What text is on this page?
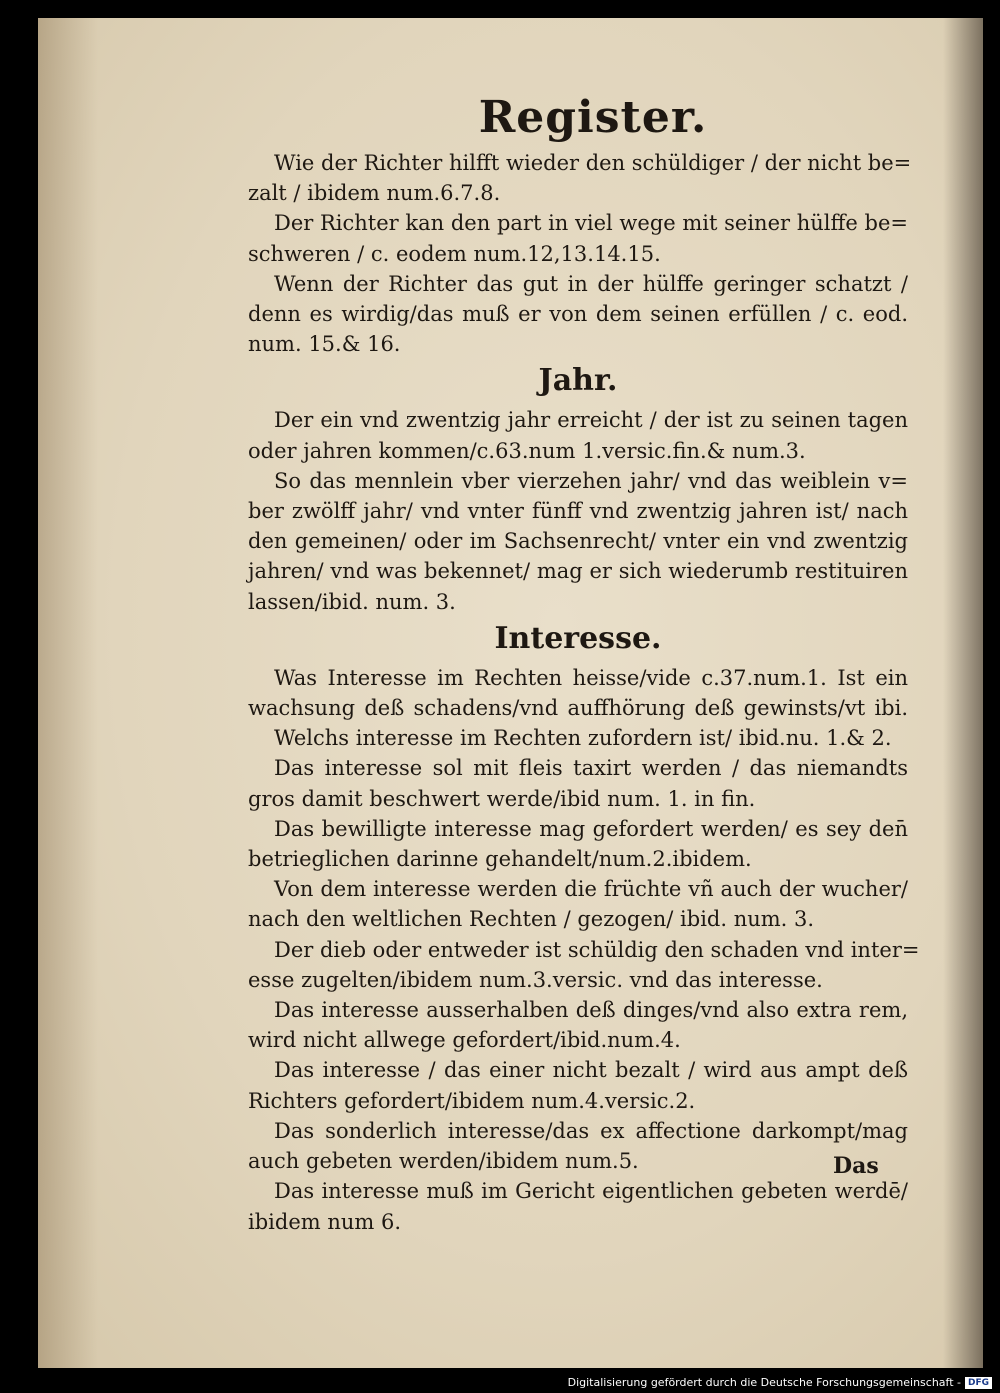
Register.
Wie der Richter hilfft wieder den schüldiger / der nicht be=
zalt / ibidem num.6.7.8.
Der Richter kan den part in viel wege mit seiner hülffe be=
schweren / c. eodem num.12,13.14.15.
Wenn der Richter das gut in der hülffe geringer schatzt /
denn es wirdig/das muß er von dem seinen erfüllen / c. eod.
num. 15.& 16.
Jahr.
Der ein vnd zwentzig jahr erreicht / der ist zu seinen tagen
oder jahren kommen/c.63.num 1.versic.fin.& num.3.
So das mennlein vber vierzehen jahr/ vnd das weiblein v=
ber zwölff jahr/ vnd vnter fünff vnd zwentzig jahren ist/ nach
den gemeinen/ oder im Sachsenrecht/ vnter ein vnd zwentzig
jahren/ vnd was bekennet/ mag er sich wiederumb restituiren
lassen/ibid. num. 3.
Interesse.
Was Interesse im Rechten heisse/vide c.37.num.1. Ist ein
wachsung deß schadens/vnd auffhörung deß gewinsts/vt ibi.
Welchs interesse im Rechten zufordern ist/ ibid.nu. 1.& 2.
Das interesse sol mit fleis taxirt werden / das niemandts
gros damit beschwert werde/ibid num. 1. in fin.
Das bewilligte interesse mag gefordert werden/ es sey den̄
betrieglichen darinne gehandelt/num.2.ibidem.
Von dem interesse werden die früchte vñ auch der wucher/
nach den weltlichen Rechten / gezogen/ ibid. num. 3.
Der dieb oder entweder ist schüldig den schaden vnd inter=
esse zugelten/ibidem num.3.versic. vnd das interesse.
Das interesse ausserhalben deß dinges/vnd also extra rem,
wird nicht allwege gefordert/ibid.num.4.
Das interesse / das einer nicht bezalt / wird aus ampt deß
Richters gefordert/ibidem num.4.versic.2.
Das sonderlich interesse/das ex affectione darkompt/mag
auch gebeten werden/ibidem num.5.
Das interesse muß im Gericht eigentlichen gebeten werdē/
ibidem num 6.
Das
Digitalisierung gefördert durch die Deutsche Forschungsgemeinschaft - DFG
